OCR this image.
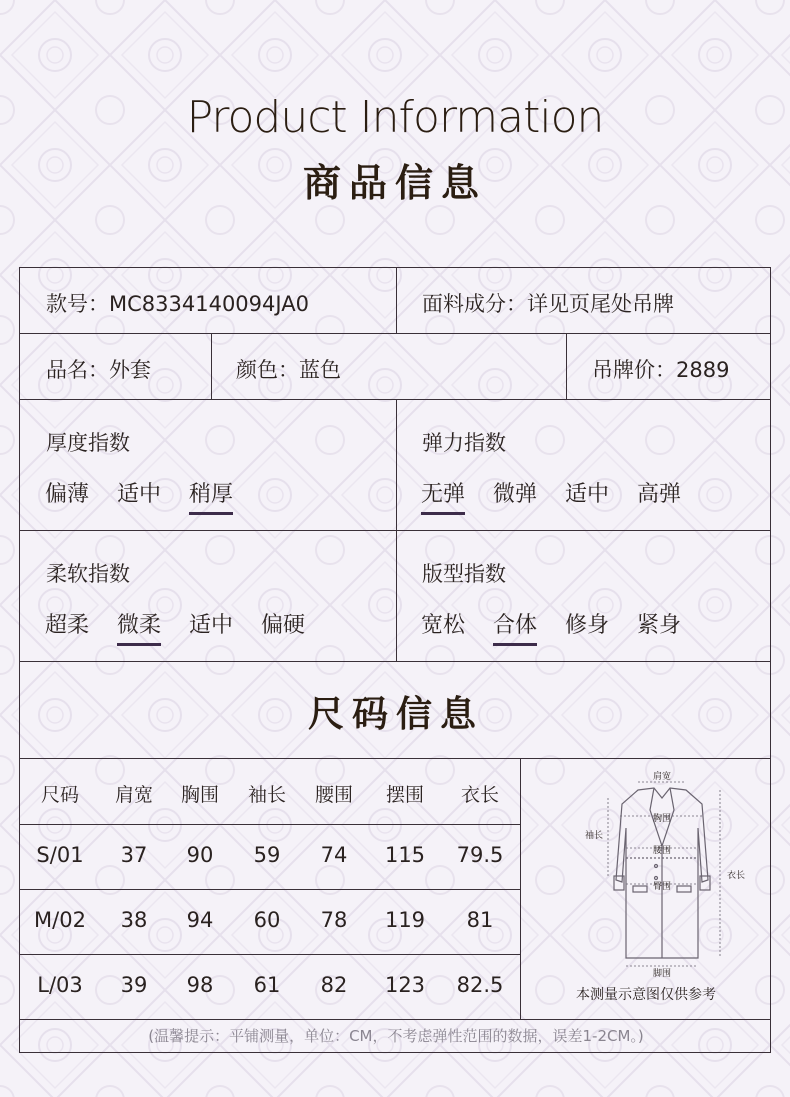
Product Information
商品信息
款号：MC8334140094JA0	面料成分：详见页尾处吊牌
品名：外套	颜色：蓝色	吊牌价：2889
厚度指数
偏薄 适中 稍厚
弹力指数
无弹 微弹 适中 高弹
柔软指数
超柔 微柔 适中 偏硬
版型指数
宽松 合体 修身 紧身
尺码信息
尺码	肩宽	胸围	袖长	腰围	摆围	衣长
S/01	37	90	59	74	115	79.5
M/02	38	94	60	78	119	81
L/03	39	98	61	82	123	82.5
肩宽
胸围
腰围
臀围
袖长
衣长
脚围
本测量示意图仅供参考
(温馨提示：平铺测量，单位：CM，不考虑弹性范围的数据，误差1-2CM。)
